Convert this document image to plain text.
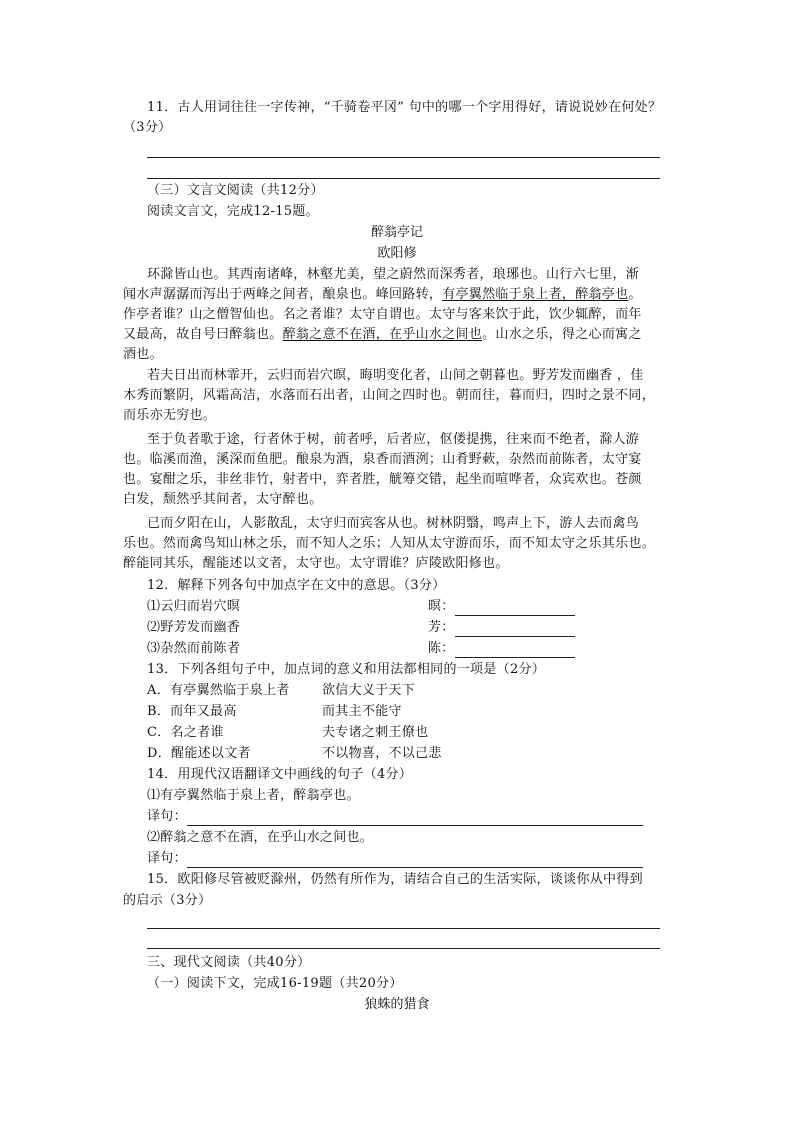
11．古人用词往往一字传神，“千骑卷平冈” 句中的哪一个字用得好，请说说妙在何处？
（3分）
（三）文言文阅读（共12分）
阅读文言文，完成12-15题。
醉翁亭记
欧阳修
环滁皆山也。其西南诸峰，林壑尤美，望之蔚然而深秀者，琅琊也。山行六七里，渐
闻水声潺潺而泻出于两峰之间者，酿泉也。峰回路转，有亭翼然临于泉上者，醉翁亭也。
作亭者谁？山之僧智仙也。名之者谁？太守自谓也。太守与客来饮于此，饮少辄醉，而年
又最高，故自号曰醉翁也。醉翁之意不在酒，在乎山水之间也。山水之乐，得之心而寓之
酒也。
若夫日出而林霏开，云归而岩穴暝，晦明变化者，山间之朝暮也。野芳发而幽香 ，佳
木秀而繁阴，风霜高洁，水落而石出者，山间之四时也。朝而往，暮而归，四时之景不同，
而乐亦无穷也。
至于负者歌于途，行者休于树，前者呼，后者应，伛偻提携，往来而不绝者，滁人游
也。临溪而渔，溪深而鱼肥。酿泉为酒，泉香而酒洌；山肴野蔌，杂然而前陈者，太守宴
也。宴酣之乐，非丝非竹，射者中，弈者胜，觥筹交错，起坐而喧哗者，众宾欢也。苍颜
白发，颓然乎其间者，太守醉也。
已而夕阳在山，人影散乱，太守归而宾客从也。树林阴翳，鸣声上下，游人去而禽鸟
乐也。然而禽鸟知山林之乐，而不知人之乐；人知从太守游而乐，而不知太守之乐其乐也。
醉能同其乐，醒能述以文者，太守也。太守谓谁？庐陵欧阳修也。
12．解释下列各句中加点字在文中的意思。（3分）
⑴云归而岩穴暝	暝：
⑵野芳发而幽香	芳：
⑶杂然而前陈者	陈：
13．下列各组句子中，加点词的意义和用法都相同的一项是（2分）
A．有亭翼然临于泉上者 欲信大义于天下
B．而年又最高	而其主不能守
C．名之者谁	夫专诸之刺王僚也
D．醒能述以文者	不以物喜，不以己悲
14．用现代汉语翻译文中画线的句子（4分）
⑴有亭翼然临于泉上者，醉翁亭也。
译句：
⑵醉翁之意不在酒，在乎山水之间也。
译句：
15．欧阳修尽管被贬滁州，仍然有所作为，请结合自己的生活实际，谈谈你从中得到
的启示（3分）
三、现代文阅读（共40分）
（一）阅读下文，完成16-19题（共20分）
狼蛛的猎食
